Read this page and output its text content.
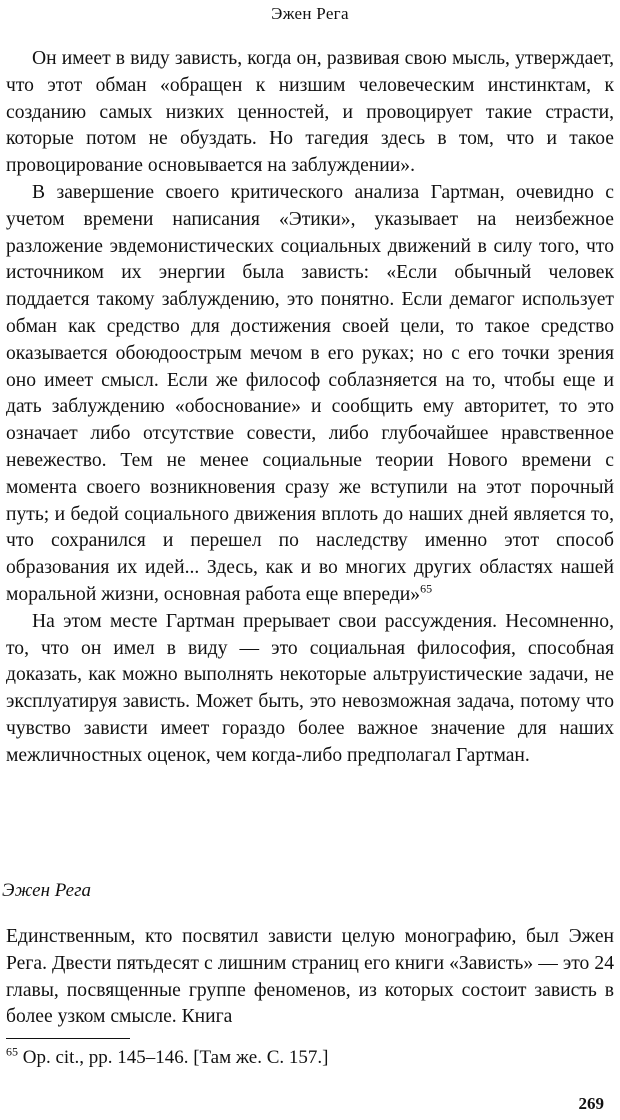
Эжен Рега

Он имеет в виду зависть, когда он, развивая свою мысль, утверждает, что этот обман «обращен к низшим человеческим инстинктам, к созданию самых низких ценностей, и провоцирует такие страсти, которые потом не обуздать. Но тагедия здесь в том, что и такое провоцирование основывается на заблуждении».

В завершение своего критического анализа Гартман, очевидно с учетом времени написания «Этики», указывает на неизбежное разложение эвдемонистических социальных движений в силу того, что источником их энергии была зависть: «Если обычный человек поддается такому заблуждению, это понятно. Если демагог использует обман как средство для достижения своей цели, то такое средство оказывается обоюдоострым мечом в его руках; но с его точки зрения оно имеет смысл. Если же философ соблазняется на то, чтобы еще и дать заблуждению «обоснование» и сообщить ему авторитет, то это означает либо отсутствие совести, либо глубочайшее нравственное невежество. Тем не менее социальные теории Нового времени с момента своего возникновения сразу же вступили на этот порочный путь; и бедой социального движения вплоть до наших дней является то, что сохранился и перешел по наследству именно этот способ образования их идей... Здесь, как и во многих других областях нашей моральной жизни, основная работа еще впереди»$^{65}$

На этом месте Гартман прерывает свои рассуждения. Несомненно, то, что он имел в виду — это социальная философия, способная доказать, как можно выполнять некоторые альтруистические задачи, не эксплуатируя зависть. Может быть, это невозможная задача, потому что чувство зависти имеет гораздо более важное значение для наших межличностных оценок, чем когда-либо предполагал Гартман.

Эжен Рега

Единственным, кто посвятил зависти целую монографию, был Эжен Рега. Двести пятьдесят с лишним страниц его книги «Зависть» — это 24 главы, посвященные группе феноменов, из которых состоит зависть в более узком смысле. Книга

$^{65}$ Op. cit., pp. 145–146. [Там же. С. 157.]
269
